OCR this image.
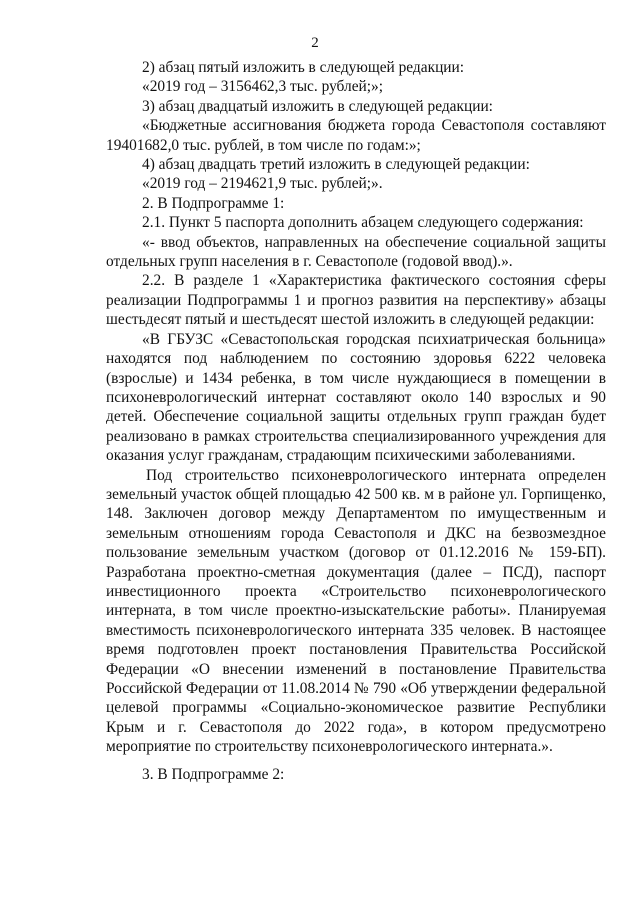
2

2) абзац пятый изложить в следующей редакции:

«2019 год – 3156462,3 тыс. рублей;»;

3) абзац двадцатый изложить в следующей редакции:

«Бюджетные ассигнования бюджета города Севастополя составляют 19401682,0 тыс. рублей, в том числе по годам:»;

4) абзац двадцать третий изложить в следующей редакции:

«2019 год – 2194621,9 тыс. рублей;».

2. В Подпрограмме 1:

2.1. Пункт 5 паспорта дополнить абзацем следующего содержания:

«- ввод объектов, направленных на обеспечение социальной защиты отдельных групп населения в г. Севастополе (годовой ввод).».

2.2. В разделе 1 «Характеристика фактического состояния сферы реализации Подпрограммы 1 и прогноз развития на перспективу» абзацы шестьдесят пятый и шестьдесят шестой изложить в следующей редакции:

«В ГБУЗС «Севастопольская городская психиатрическая больница» находятся под наблюдением по состоянию здоровья 6222 человека (взрослые) и 1434 ребенка, в том числе нуждающиеся в помещении в психоневрологический интернат составляют около 140 взрослых и 90 детей. Обеспечение социальной защиты отдельных групп граждан будет реализовано в рамках строительства специализированного учреждения для оказания услуг гражданам, страдающим психическими заболеваниями.

Под строительство психоневрологического интерната определен земельный участок общей площадью 42 500 кв. м в районе ул. Горпищенко, 148. Заключен договор между Департаментом по имущественным и земельным отношениям города Севастополя и ДКС на безвозмездное пользование земельным участком (договор от 01.12.2016 № 159-БП). Разработана проектно-сметная документация (далее – ПСД), паспорт инвестиционного проекта «Строительство психоневрологического интерната, в том числе проектно-изыскательские работы». Планируемая вместимость психоневрологического интерната 335 человек. В настоящее время подготовлен проект постановления Правительства Российской Федерации «О внесении изменений в постановление Правительства Российской Федерации от 11.08.2014 № 790 «Об утверждении федеральной целевой программы «Социально-экономическое развитие Республики Крым и г. Севастополя до 2022 года», в котором предусмотрено мероприятие по строительству психоневрологического интерната.».

3. В Подпрограмме 2:
